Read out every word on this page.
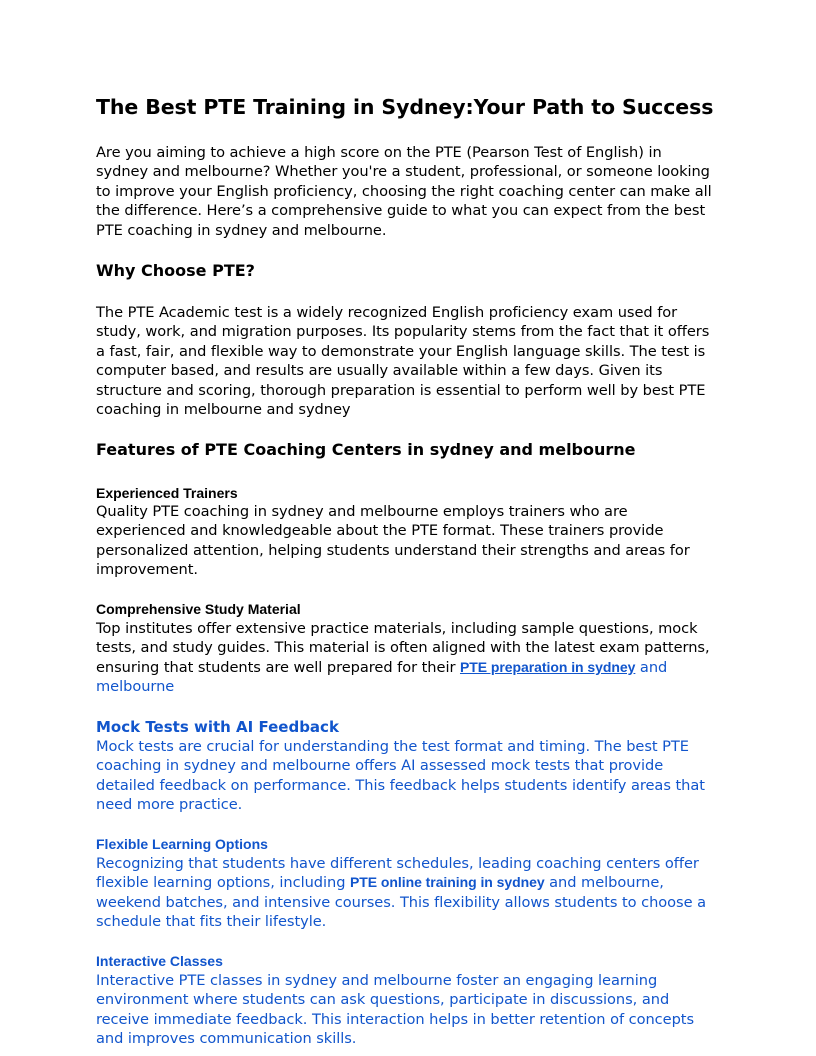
The Best PTE Training in Sydney:Your Path to Success

Are you aiming to achieve a high score on the PTE (Pearson Test of English) in sydney and melbourne? Whether you're a student, professional, or someone looking to improve your English proficiency, choosing the right coaching center can make all the difference. Here’s a comprehensive guide to what you can expect from the best PTE coaching in sydney and melbourne.

Why Choose PTE?

The PTE Academic test is a widely recognized English proficiency exam used for study, work, and migration purposes. Its popularity stems from the fact that it offers a fast, fair, and flexible way to demonstrate your English language skills. The test is computer based, and results are usually available within a few days. Given its structure and scoring, thorough preparation is essential to perform well by best PTE coaching in melbourne and sydney

Features of PTE Coaching Centers in sydney and melbourne
Experienced Trainers

Quality PTE coaching in sydney and melbourne employs trainers who are experienced and knowledgeable about the PTE format. These trainers provide personalized attention, helping students understand their strengths and areas for improvement.

Comprehensive Study Material

Top institutes offer extensive practice materials, including sample questions, mock tests, and study guides. This material is often aligned with the latest exam patterns, ensuring that students are well prepared for their PTE preparation in sydney and melbourne

Mock Tests with AI Feedback

Mock tests are crucial for understanding the test format and timing. The best PTE coaching in sydney and melbourne offers AI assessed mock tests that provide detailed feedback on performance. This feedback helps students identify areas that need more practice.

Flexible Learning Options

Recognizing that students have different schedules, leading coaching centers offer flexible learning options, including PTE online training in sydney and melbourne, weekend batches, and intensive courses. This flexibility allows students to choose a schedule that fits their lifestyle.

Interactive Classes

Interactive PTE classes in sydney and melbourne foster an engaging learning environment where students can ask questions, participate in discussions, and receive immediate feedback. This interaction helps in better retention of concepts and improves communication skills.
